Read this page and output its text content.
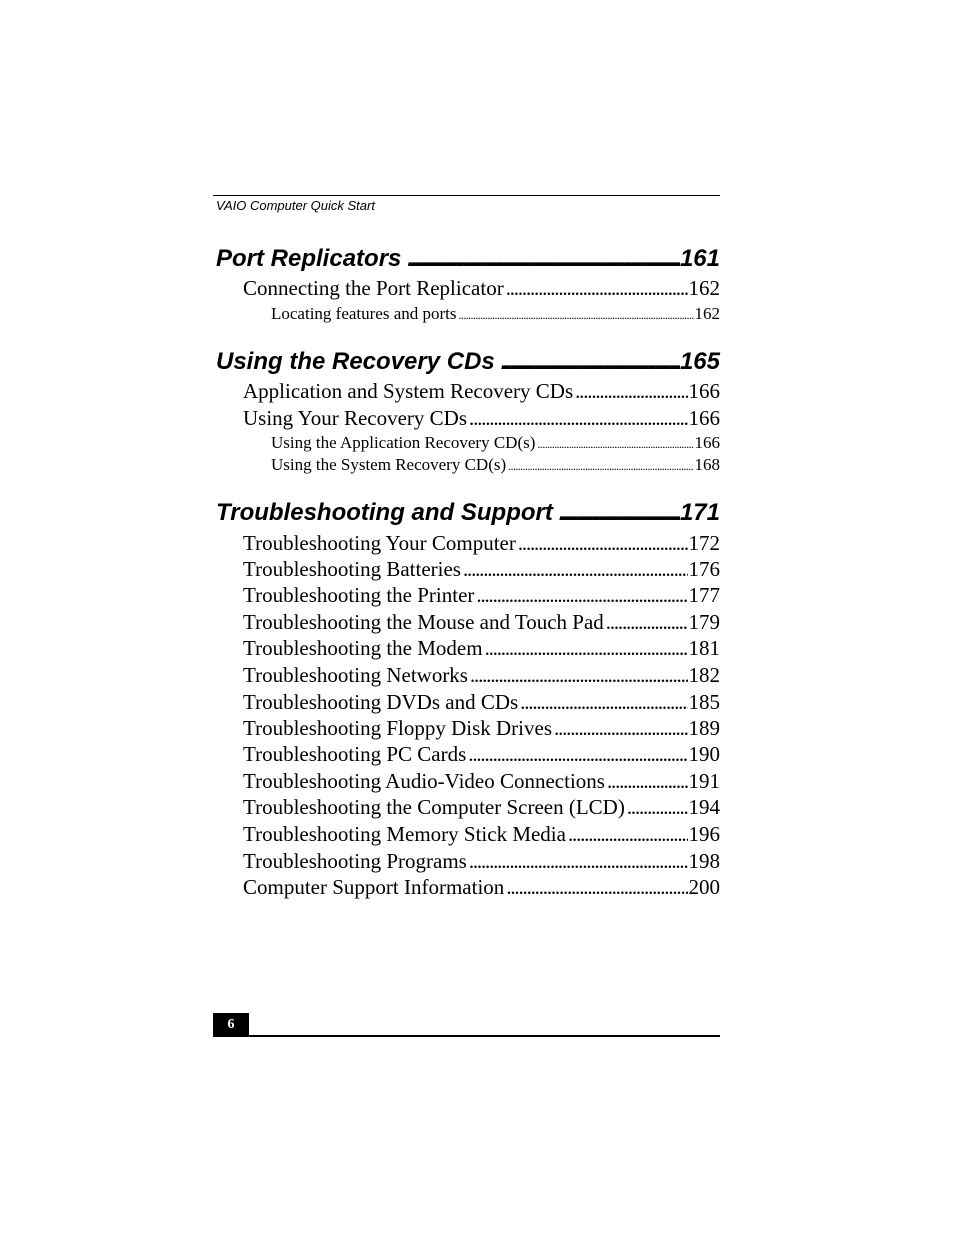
VAIO Computer Quick Start
Port Replicators .....	161
Connecting the Port Replicator .....	162
Locating features and ports .....	162
Using the Recovery CDs .....	165
Application and System Recovery CDs .....	166
Using Your Recovery CDs .....	166
Using the Application Recovery CD(s) .....	166
Using the System Recovery CD(s) .....	168
Troubleshooting and Support .....	171
Troubleshooting Your Computer .....	172
Troubleshooting Batteries .....	176
Troubleshooting the Printer .....	177
Troubleshooting the Mouse and Touch Pad .....	179
Troubleshooting the Modem .....	181
Troubleshooting Networks .....	182
Troubleshooting DVDs and CDs .....	185
Troubleshooting Floppy Disk Drives .....	189
Troubleshooting PC Cards .....	190
Troubleshooting Audio-Video Connections .....	191
Troubleshooting the Computer Screen (LCD) .....	194
Troubleshooting Memory Stick Media .....	196
Troubleshooting Programs .....	198
Computer Support Information .....	200
6
